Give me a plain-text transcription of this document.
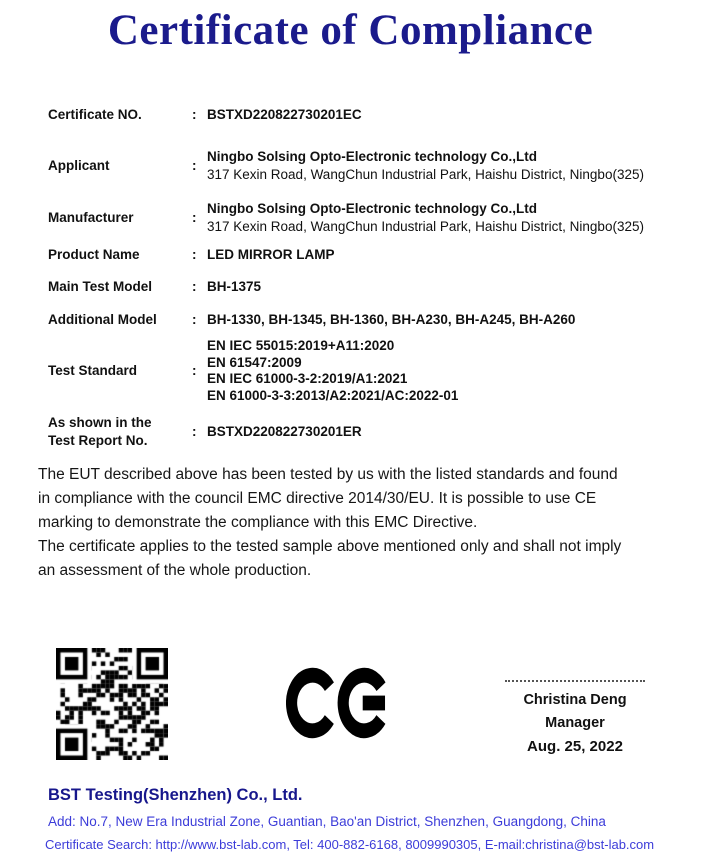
Certificate of Compliance
Certificate NO.	: BSTXD220822730201EC
Applicant	:
Ningbo Solsing Opto-Electronic technology Co.,Ltd
317 Kexin Road, WangChun Industrial Park, Haishu District, Ningbo(325)
Manufacturer	:
Ningbo Solsing Opto-Electronic technology Co.,Ltd
317 Kexin Road, WangChun Industrial Park, Haishu District, Ningbo(325)
Product Name	: LED MIRROR LAMP
Main Test Model	: BH-1375
Additional Model	: BH-1330, BH-1345, BH-1360, BH-A230, BH-A245, BH-A260
Test Standard	:
EN IEC 55015:2019+A11:2020
EN 61547:2009
EN IEC 61000-3-2:2019/A1:2021
EN 61000-3-3:2013/A2:2021/AC:2022-01
As shown in the
Test Report No.
: BSTXD220822730201ER
The EUT described above has been tested by us with the listed standards and found
in compliance with the council EMC directive 2014/30/EU. It is possible to use CE
marking to demonstrate the compliance with this EMC Directive.
The certificate applies to the tested sample above mentioned only and shall not imply
an assessment of the whole production.
Christina Deng
Manager
Aug. 25, 2022
BST Testing(Shenzhen) Co., Ltd.
Add: No.7, New Era Industrial Zone, Guantian, Bao'an District, Shenzhen, Guangdong, China
Certificate Search: http://www.bst-lab.com, Tel: 400-882-6168, 8009990305, E-mail:christina@bst-lab.com
